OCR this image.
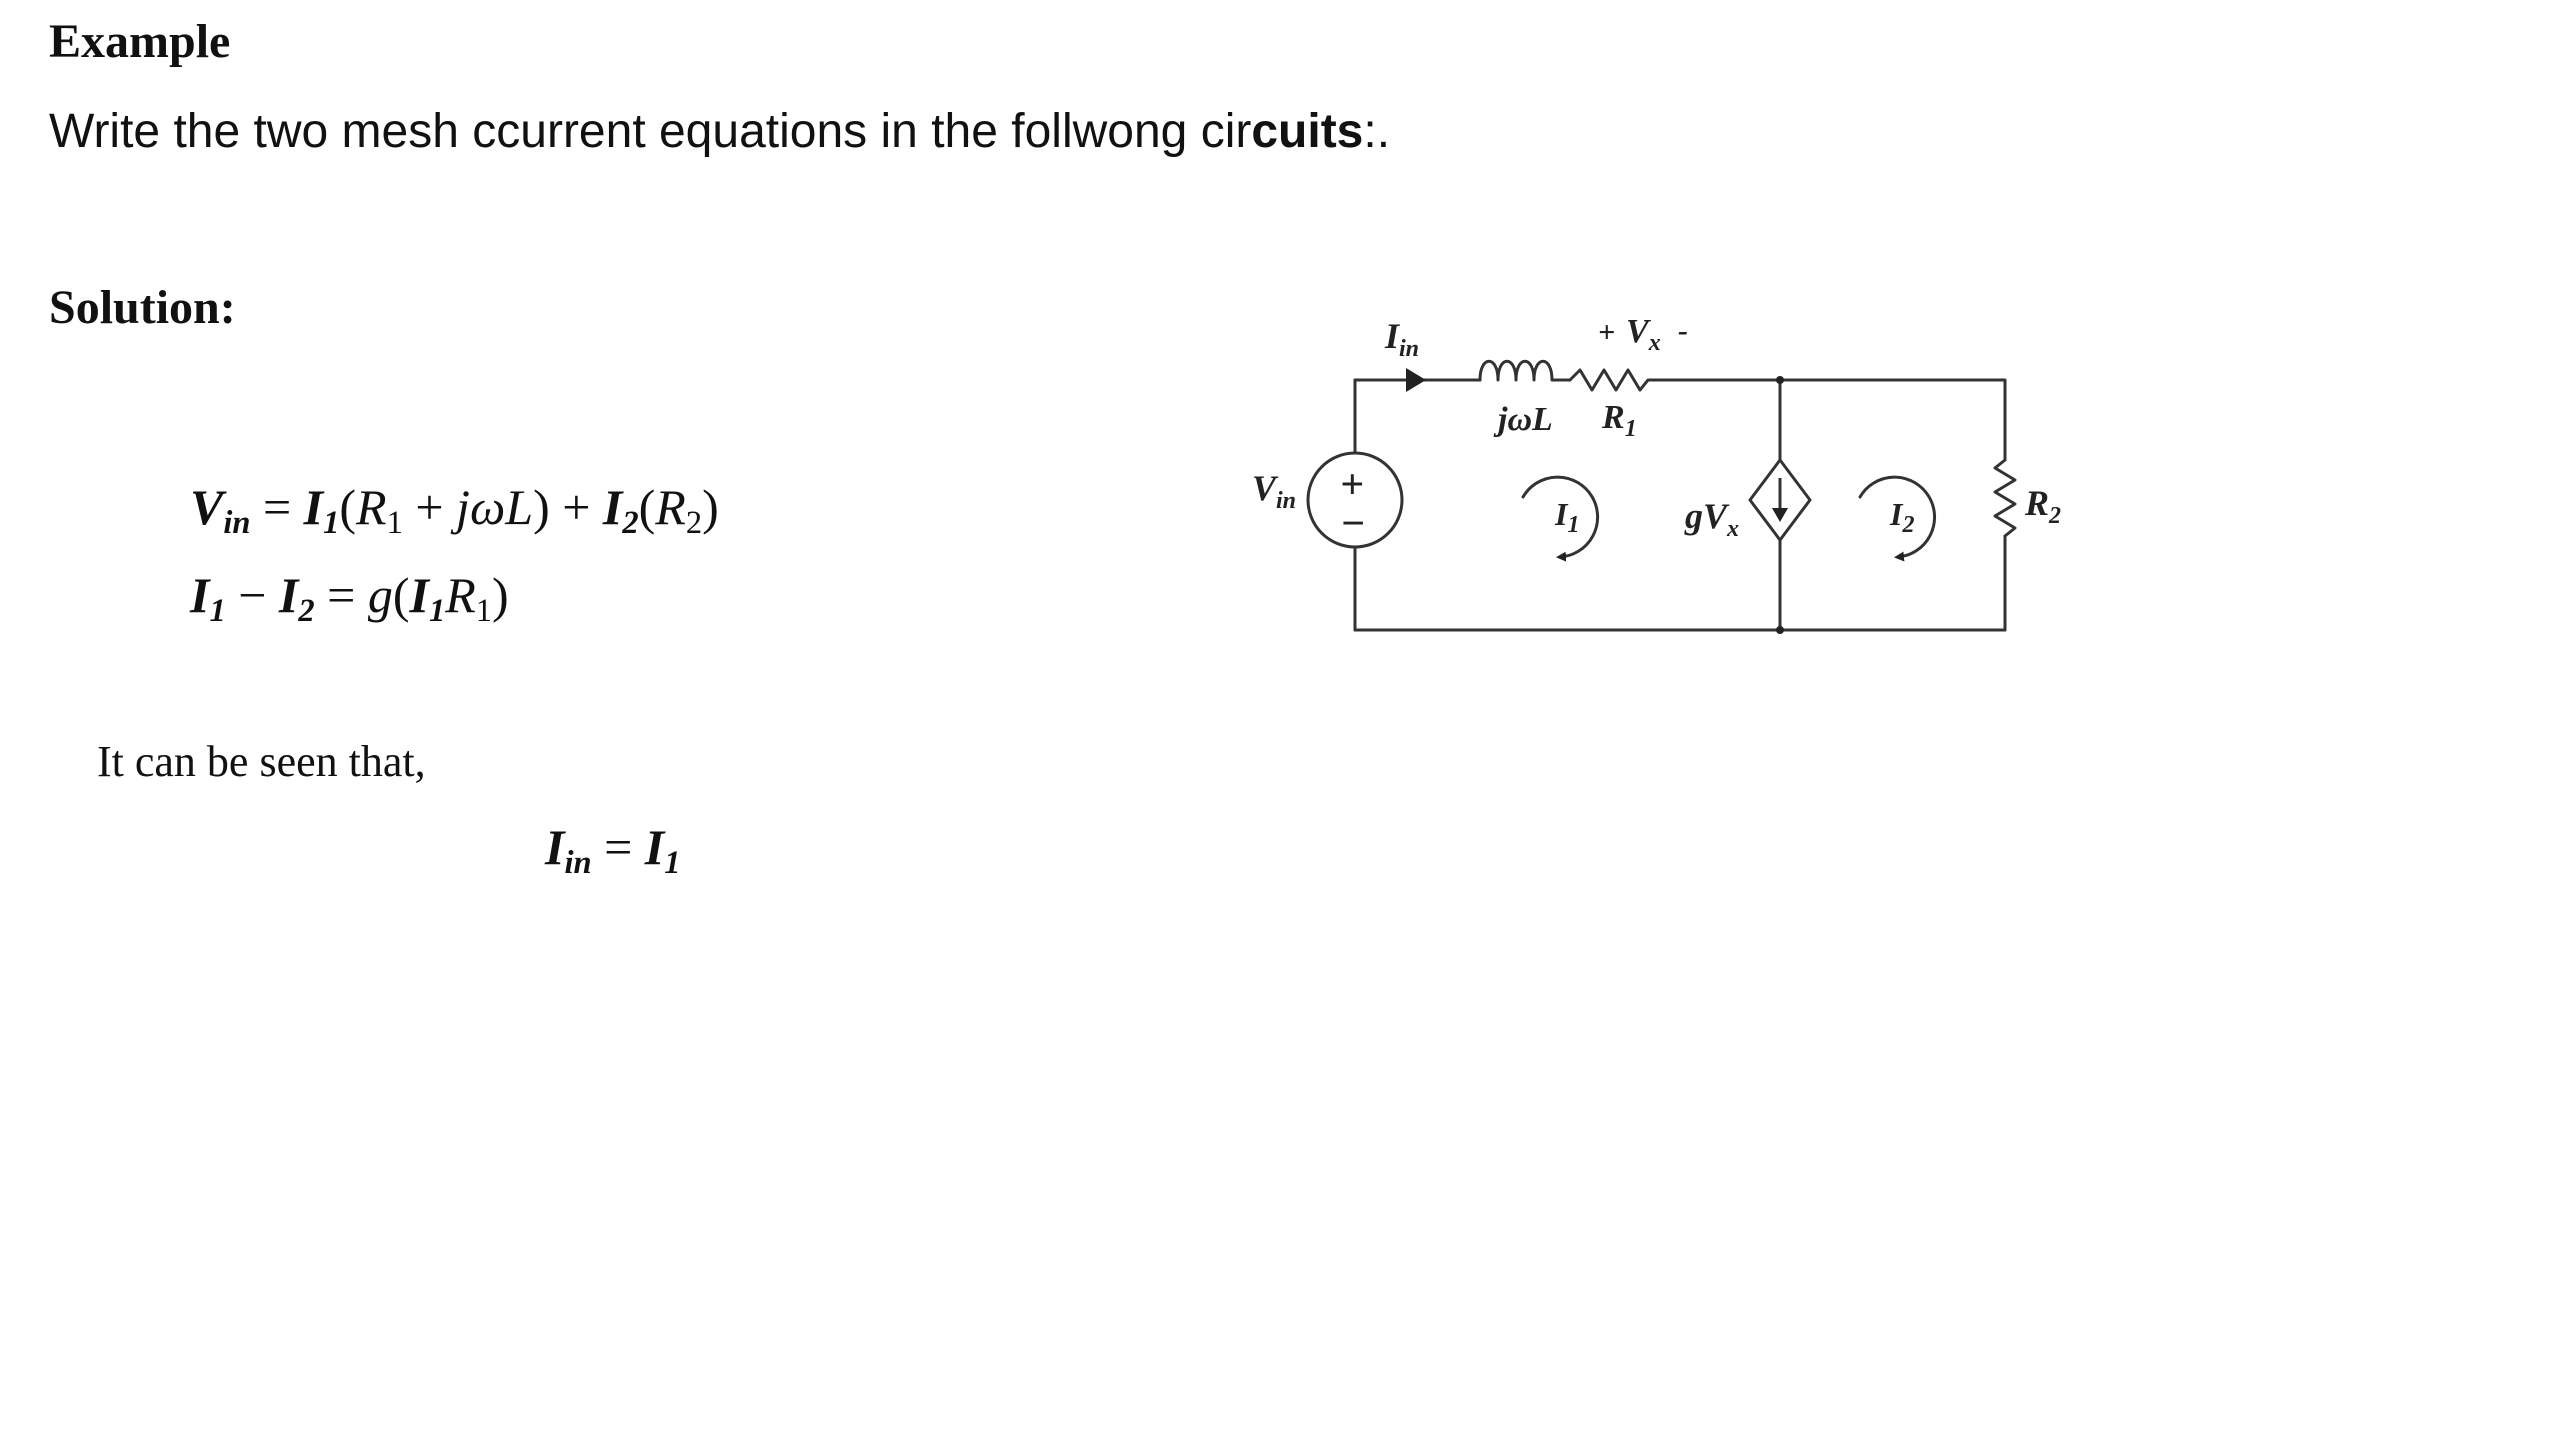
Example
Write the two mesh ccurrent equations in the follwong circuits:.
Solution:
$V_{in} = I_1(R_1 + j\omega L) + I_2(R_2)$
$I_1 - I_2 = g(I_1R_1)$
It can be seen that,
$I_{in} = I_1$
$I_{in}$	+ $V_x$ -
jωL $R_1$
$V_{in}$ +
−	$I_1$	$gV_x$	$I_2$
$R_2$
